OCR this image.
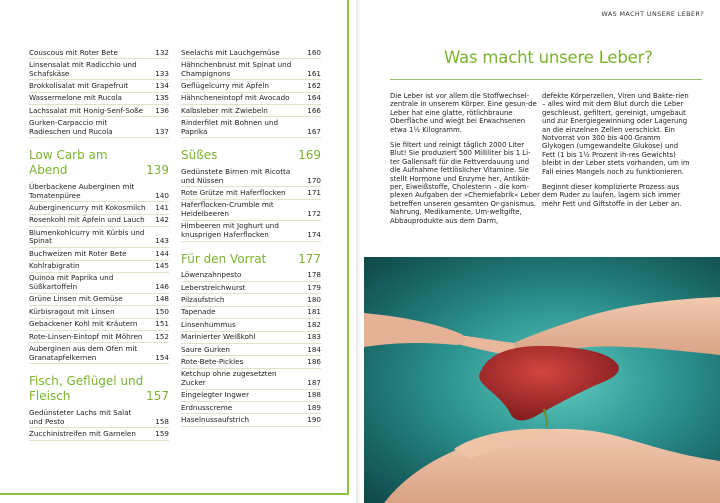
Couscous mit Roter Bete	132
Linsensalat mit Radicchio und Schafskäse	133
Brokkolisalat mit Grapefruit	134
Wassermelone mit Rucola	135
Lachssalat mit Honig-Senf-Soße	136
Gurken-Carpaccio mit Radieschen und Rucola	137
Low Carb am Abend	139
Überbackene Auberginen mit Tomatenpüree	140
Auberginencurry mit Kokosmilch	141
Rosenkohl mit Äpfeln und Lauch	142
Blumenkohlcurry mit Kürbis und Spinat	143
Buchweizen mit Roter Bete	144
Kohlrabigratin	145
Quinoa mit Paprika und Süßkartoffeln	146
Grüne Linsen mit Gemüse	148
Kürbisragout mit Linsen	150
Gebackener Kohl mit Kräutern	151
Rote-Linsen-Eintopf mit Möhren	152
Auberginen aus dem Ofen mit Granatapfelkernen	154
Fisch, Geflügel und Fleisch	157
Gedünsteter Lachs mit Salat und Pesto	158
Zucchinistreifen mit Garnelen	159
Seelachs mit Lauchgemüse	160
Hähnchenbrust mit Spinat und Champignons	161
Geflügelcurry mit Äpfeln	162
Hähncheneintopf mit Avocado	164
Kalbsleber mit Zwiebeln	166
Rinderfilet mit Bohnen und Paprika	167
Süßes	169
Gedünstete Birnen mit Ricotta und Nüssen	170
Rote Grütze mit Haferflocken	171
Haferflocken-Crumble mit Heidelbeeren	172
Himbeeren mit Joghurt und knusprigen Haferflocken	174
Für den Vorrat	177
Löwenzahnpesto	178
Leberstreichwurst	179
Pilzaufstrich	180
Tapenade	181
Linsenhummus	182
Marinierter Weißkohl	183
Saure Gurken	184
Rote-Bete-Pickles	186
Ketchup ohne zugesetzten Zucker	187
Eingelegter Ingwer	188
Erdnusscreme	189
Haselnussaufstrich	190
WAS MACHT UNSERE LEBER?
Was macht unsere Leber?

Die Leber ist vor allem die Stoffwechsel-zentrale in unserem Körper. Eine gesun-de Leber hat eine glatte, rötlichbraune Oberfläche und wiegt bei Erwachsenen etwa 1½ Kilogramm.

Sie filtert und reinigt täglich 2000 Liter Blut! Sie produziert 500 Milliliter bis 1 Li-ter Gallensaft für die Fettverdauung und die Aufnahme fettlöslicher Vitamine. Sie stellt Hormone und Enzyme her, Antikör-per, Eiweißstoffe, Cholesterin – die kom-plexen Aufgaben der »Chemiefabrik« Leber betreffen unseren gesamten Or-ganismus. Nahrung, Medikamente, Um-weltgifte, Abbauprodukte aus dem Darm,

defekte Körperzellen, Viren und Bakte-rien – alles wird mit dem Blut durch die Leber geschleust, gefiltert, gereinigt, umgebaut und zur Energiegewinnung oder Lagerung an die einzelnen Zellen verschickt. Ein Notvorrat von 300 bis 400 Gramm Glykogen (umgewandelte Glukose) und Fett (1 bis 1½ Prozent ih-res Gewichts) bleibt in der Leber stets vorhanden, um im Fall eines Mangels noch zu funktionieren.

Beginnt dieser komplizierte Prozess aus dem Ruder zu laufen, lagern sich immer mehr Fett und Giftstoffe in der Leber an.
